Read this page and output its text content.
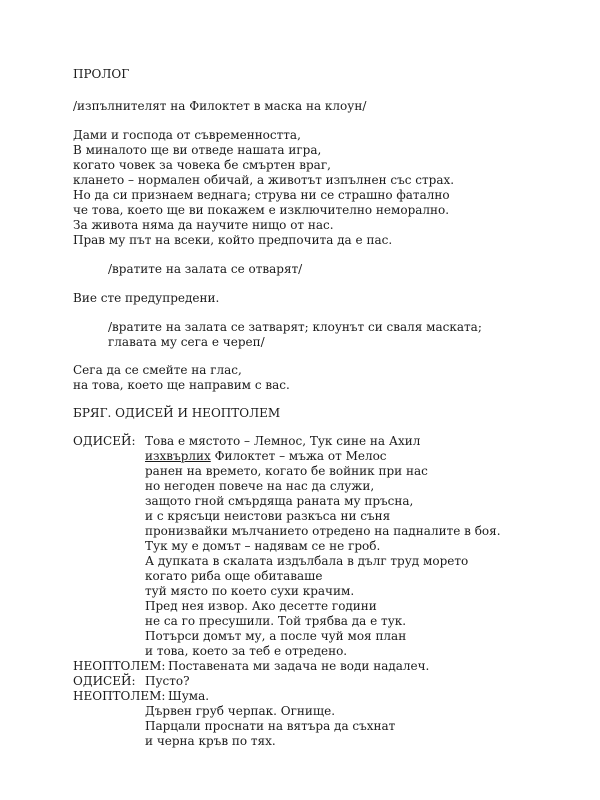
ПРОЛОГ
/изпълнителят на Филоктет в маска на клоун/
Дами и господа от съвременността,
В миналото ще ви отведе нашата игра,
когато човек за човека бе смъртен враг,
клането – нормален обичай, а животът изпълнен със страх.
Но да си признаем веднага; струва ни се страшно фатално
че това, което ще ви покажем е изключително неморално.
За живота няма да научите нищо от нас.
Прав му път на всеки, който предпочита да е пас.
/вратите на залата се отварят/
Вие сте предупредени.
/вратите на залата се затварят; клоунът си сваля маската;
главата му сега е череп/
Сега да се смейте на глас,
на това, което ще направим с вас.
БРЯГ. ОДИСЕЙ И НЕОПТОЛЕМ
ОДИСЕЙ: Това е мястото – Лемнос, Тук сине на Ахил
изхвърлих Филоктет – мъжа от Мелос
ранен на времето, когато бе войник при нас
но негоден повече на нас да служи,
защото гной смърдяща раната му пръсна,
и с крясъци неистови разкъса ни съня
пронизвайки мълчанието отредено на падналите в боя.
Тук му е домът – надявам се не гроб.
А дупката в скалата издълбала в дълг труд морето
когато риба още обитаваше
туй място по което сухи крачим.
Пред нея извор. Ако десетте години
не са го пресушили. Той трябва да е тук.
Потърси домът му, а после чуй моя план
и това, което за теб е отредено.
НЕОПТОЛЕМ: Поставената ми задача не води надалеч.
ОДИСЕЙ: Пусто?
НЕОПТОЛЕМ: Шума.
Дървен груб черпак. Огнище.
Парцали проснати на вятъра да съхнат
и черна кръв по тях.
